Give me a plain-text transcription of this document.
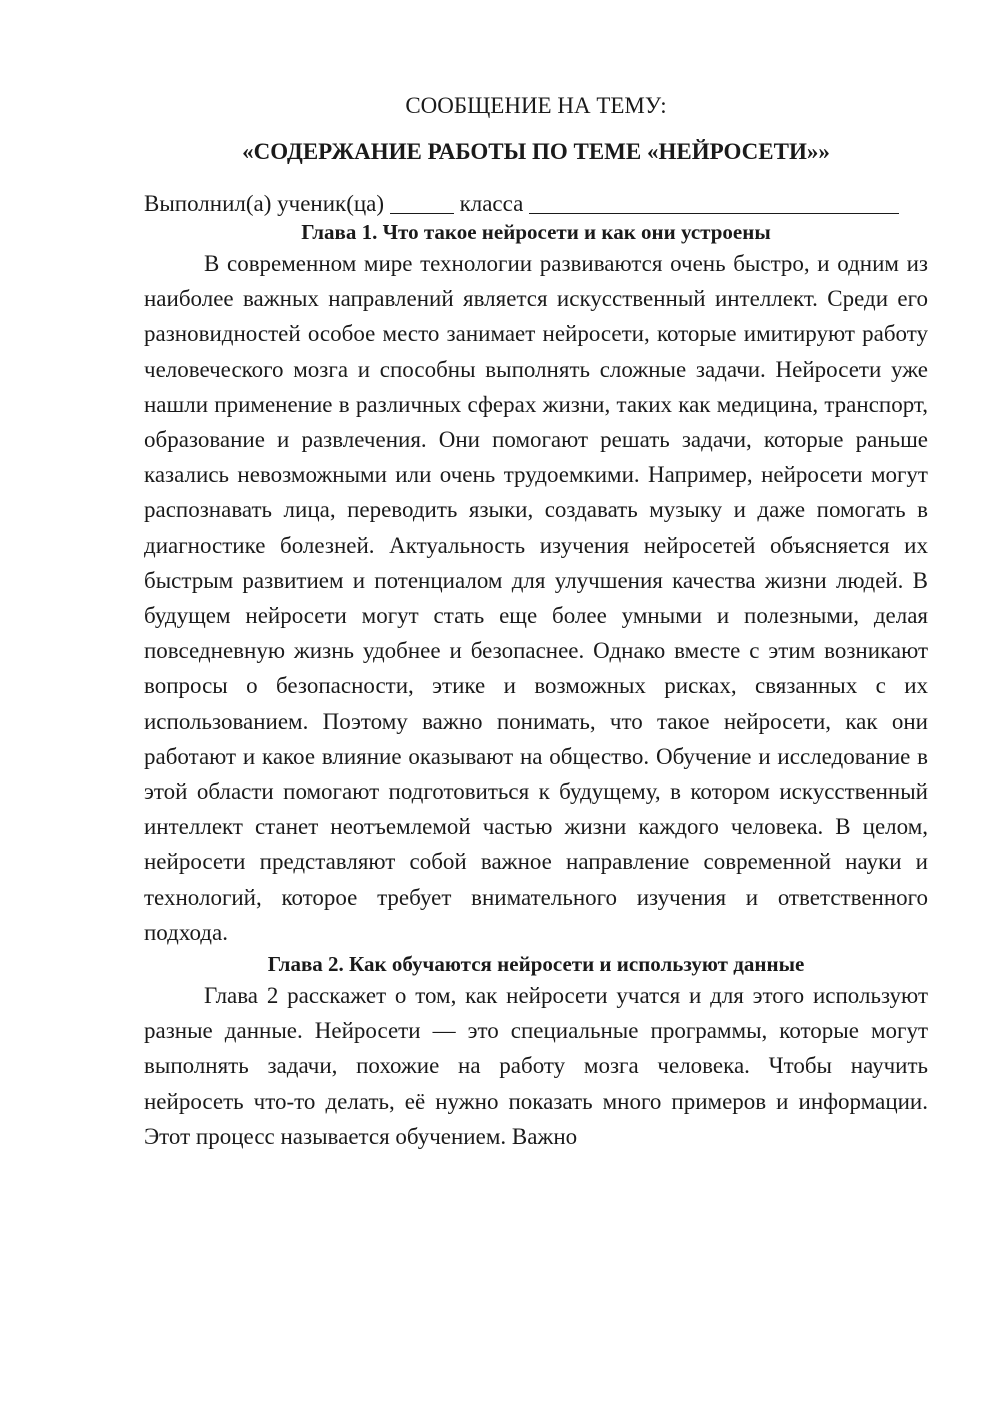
СООБЩЕНИЕ НА ТЕМУ:
«СОДЕРЖАНИЕ РАБОТЫ ПО ТЕМЕ «НЕЙРОСЕТИ»»
Выполнил(а) ученик(ца)	класса
Глава 1. Что такое нейросети и как они устроены

В современном мире технологии развиваются очень быстро, и одним из наиболее важных направлений является искусственный интеллект. Среди его разновидностей особое место занимает нейросети, которые имитируют работу человеческого мозга и способны выполнять сложные задачи. Нейросети уже нашли применение в различных сферах жизни, таких как медицина, транспорт, образование и развлечения. Они помогают решать задачи, которые раньше казались невозможными или очень трудоемкими. Например, нейросети могут распознавать лица, переводить языки, создавать музыку и даже помогать в диагностике болезней. Актуальность изучения нейросетей объясняется их быстрым развитием и потенциалом для улучшения качества жизни людей. В будущем нейросети могут стать еще более умными и полезными, делая повседневную жизнь удобнее и безопаснее. Однако вместе с этим возникают вопросы о безопасности, этике и возможных рисках, связанных с их использованием. Поэтому важно понимать, что такое нейросети, как они работают и какое влияние оказывают на общество. Обучение и исследование в этой области помогают подготовиться к будущему, в котором искусственный интеллект станет неотъемлемой частью жизни каждого человека. В целом, нейросети представляют собой важное направление современной науки и технологий, которое требует внимательного изучения и ответственного подхода.

Глава 2. Как обучаются нейросети и используют данные

Глава 2 расскажет о том, как нейросети учатся и для этого используют разные данные. Нейросети — это специальные программы, которые могут выполнять задачи, похожие на работу мозга человека. Чтобы научить нейросеть что-то делать, её нужно показать много примеров и информации. Этот процесс называется обучением. Важно
